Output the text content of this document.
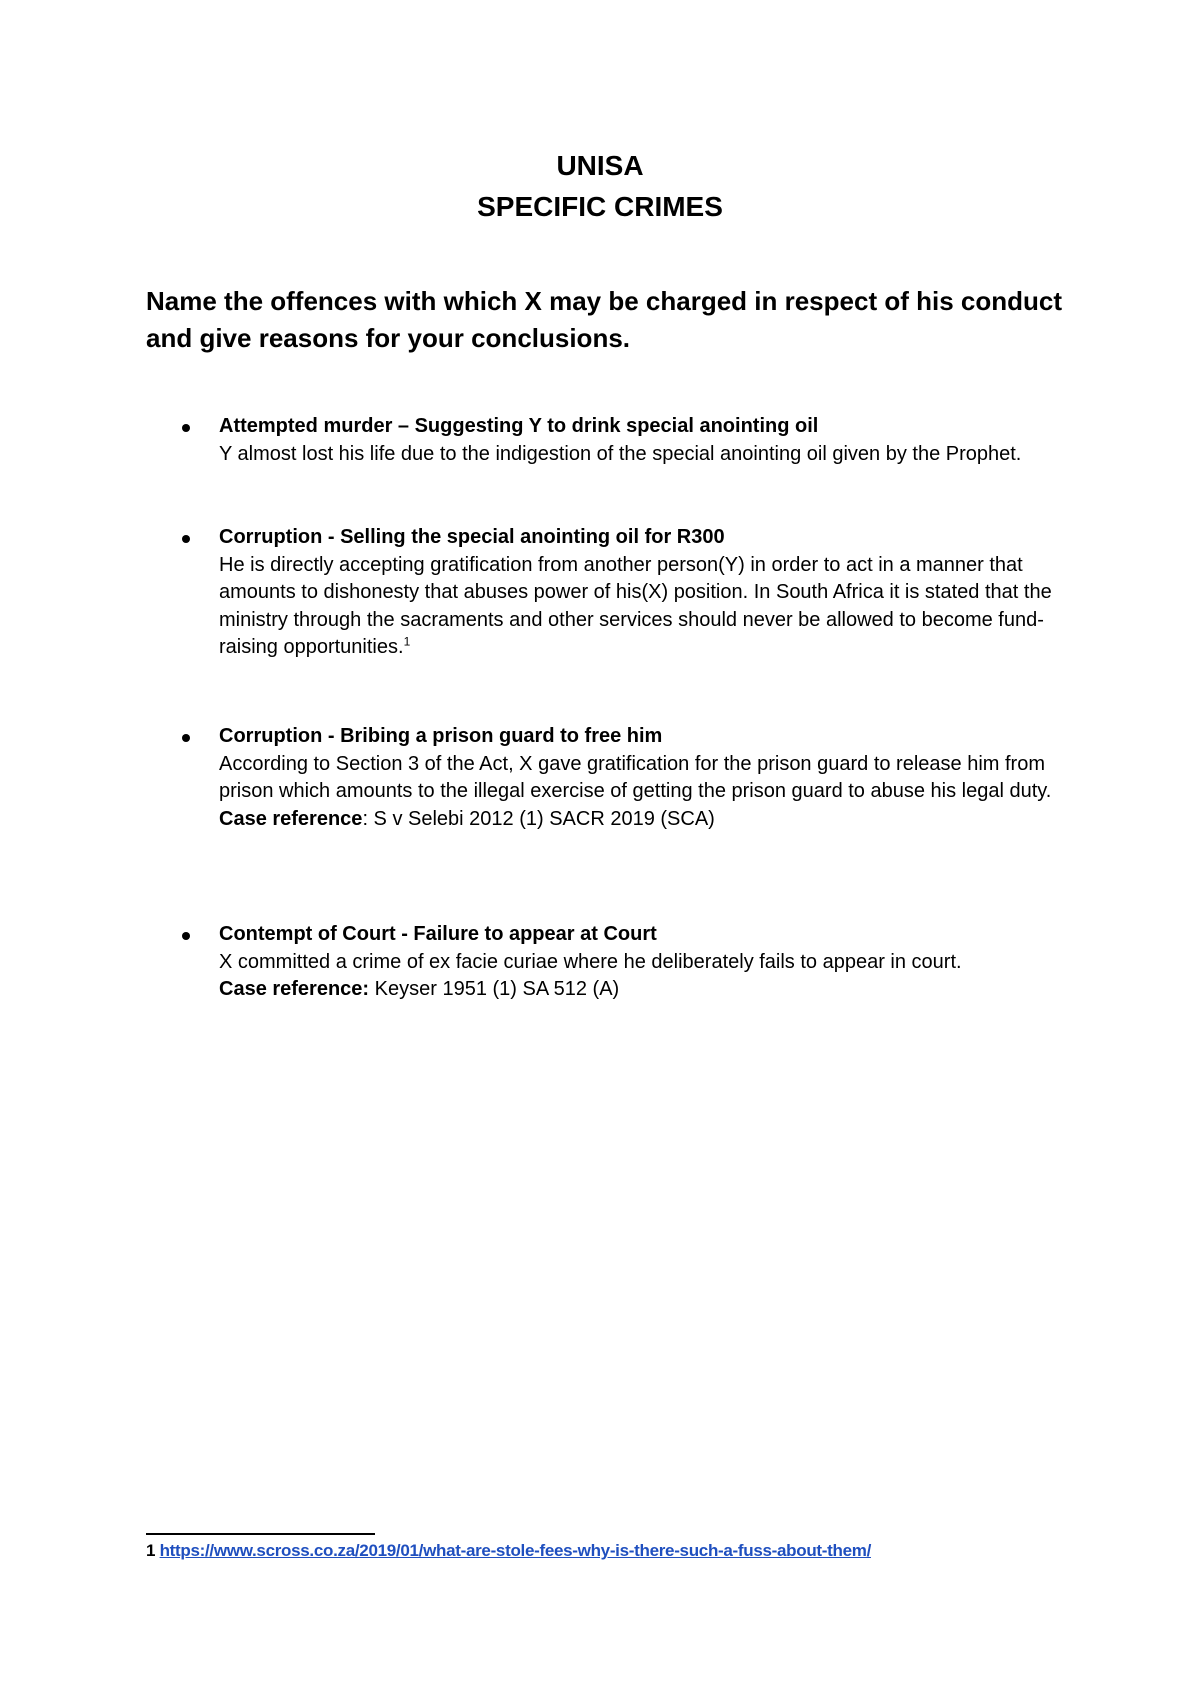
UNISA
SPECIFIC CRIMES
Name the offences with which X may be charged in respect of his conduct and give reasons for your conclusions.
Attempted murder – Suggesting Y to drink special anointing oil
Y almost lost his life due to the indigestion of the special anointing oil given by the Prophet.
Corruption - Selling the special anointing oil for R300
He is directly accepting gratification from another person(Y) in order to act in a manner that amounts to dishonesty that abuses power of his(X) position. In South Africa it is stated that the ministry through the sacraments and other services should never be allowed to become fund-raising opportunities.$^1$
Corruption - Bribing a prison guard to free him
According to Section 3 of the Act, X gave gratification for the prison guard to release him from prison which amounts to the illegal exercise of getting the prison guard to abuse his legal duty.
Case reference: S v Selebi 2012 (1) SACR 2019 (SCA)
Contempt of Court - Failure to appear at Court
X committed a crime of ex facie curiae where he deliberately fails to appear in court.
Case reference: Keyser 1951 (1) SA 512 (A)
1 https://www.scross.co.za/2019/01/what-are-stole-fees-why-is-there-such-a-fuss-about-them/
